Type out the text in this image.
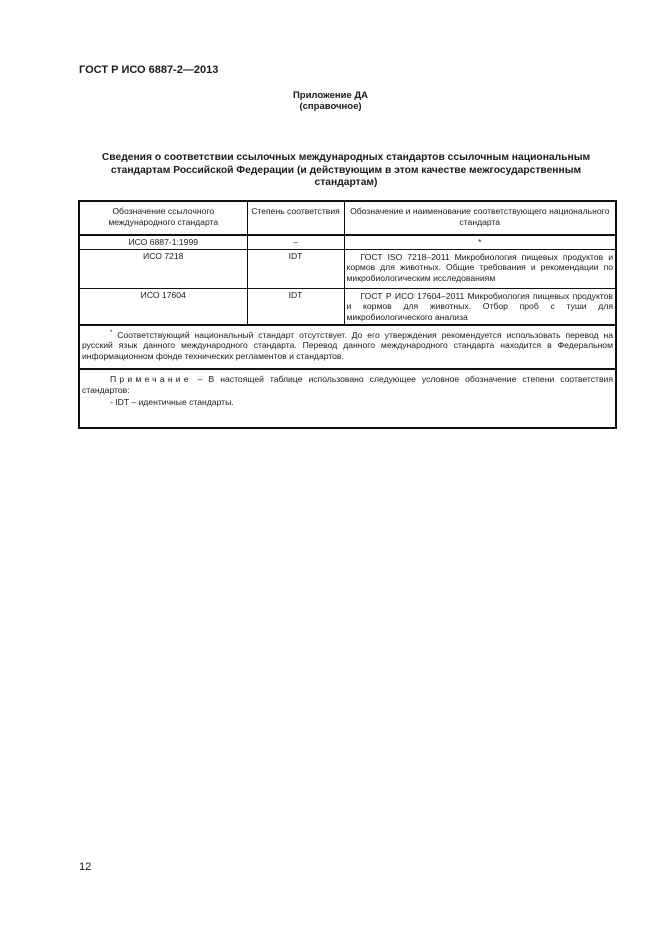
ГОСТ Р ИСО 6887-2—2013
Приложение ДА
(справочное)
Сведения о соответствии ссылочных международных стандартов ссылочным национальным стандартам Российской Федерации (и действующим в этом качестве межгосударственным стандартам)
Обозначение ссылочного международного стандарта	Степень соответствия	Обозначение и наименование соответствующего национального стандарта
ИСО 6887-1:1999	–	*
ИСО 7218	IDT	ГОСТ ISO 7218–2011 Микробиология пищевых продуктов и кормов для животных. Общие требования и рекомендации по микробиологическим исследованиям
ИСО 17604	IDT	ГОСТ Р ИСО 17604–2011 Микробиология пищевых продуктов и кормов для животных. Отбор проб с туши для микробиологического анализа
* Соответствующий национальный стандарт отсутствует. До его утверждения рекомендуется использовать перевод на русский язык данного международного стандарта. Перевод данного международного стандарта находится в Федеральном информационном фонде технических регламентов и стандартов.		

Примечание – В настоящей таблице использовано следующее условное обозначение степени соответствия стандартов:

- IDT – идентичные стандарты.		

12
